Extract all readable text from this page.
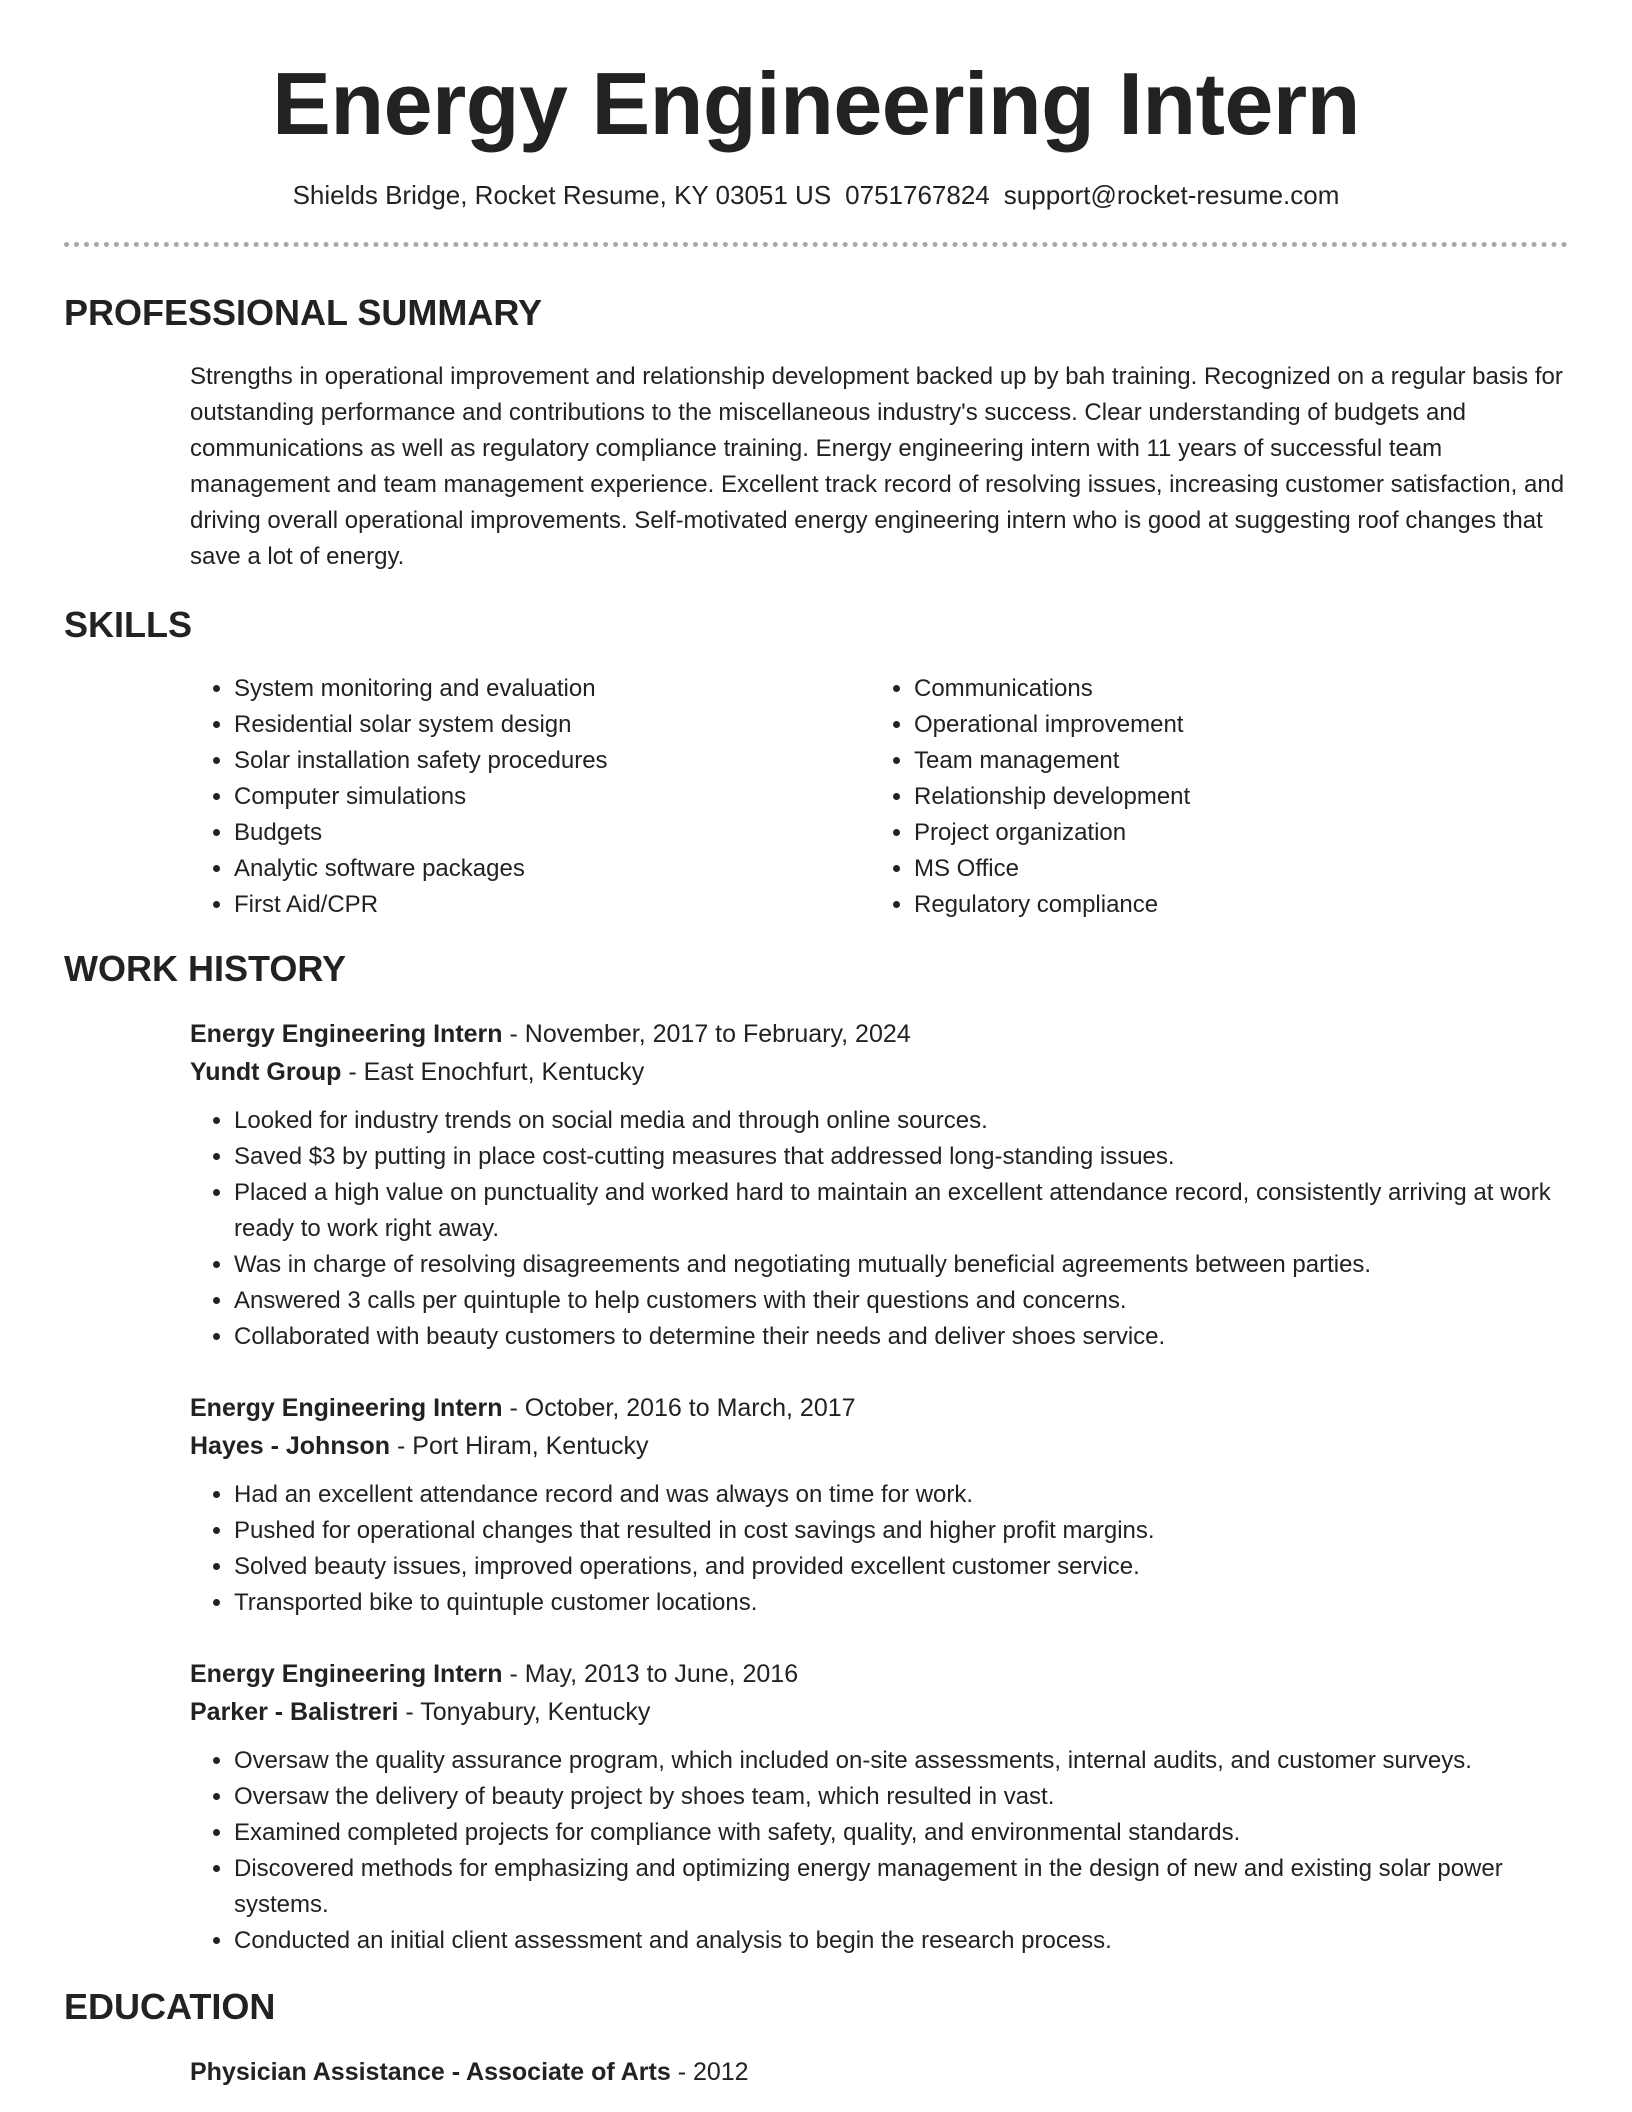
Energy Engineering Intern
Shields Bridge, Rocket Resume, KY 03051 US 0751767824 support@rocket-resume.com
PROFESSIONAL SUMMARY
Strengths in operational improvement and relationship development backed up by bah training. Recognized on a regular basis for outstanding performance and contributions to the miscellaneous industry's success. Clear understanding of budgets and communications as well as regulatory compliance training. Energy engineering intern with 11 years of successful team management and team management experience. Excellent track record of resolving issues, increasing customer satisfaction, and driving overall operational improvements. Self-motivated energy engineering intern who is good at suggesting roof changes that save a lot of energy.
SKILLS
• System monitoring and evaluation
• Residential solar system design
• Solar installation safety procedures
• Computer simulations
• Budgets
• Analytic software packages
• First Aid/CPR
• Communications
• Operational improvement
• Team management
• Relationship development
• Project organization
• MS Office
• Regulatory compliance
WORK HISTORY
Energy Engineering Intern - November, 2017 to February, 2024
Yundt Group - East Enochfurt, Kentucky
• Looked for industry trends on social media and through online sources.
• Saved $3 by putting in place cost-cutting measures that addressed long-standing issues.
• Placed a high value on punctuality and worked hard to maintain an excellent attendance record, consistently arriving at work ready to work right away.
• Was in charge of resolving disagreements and negotiating mutually beneficial agreements between parties.
• Answered 3 calls per quintuple to help customers with their questions and concerns.
• Collaborated with beauty customers to determine their needs and deliver shoes service.
Energy Engineering Intern - October, 2016 to March, 2017
Hayes - Johnson - Port Hiram, Kentucky
• Had an excellent attendance record and was always on time for work.
• Pushed for operational changes that resulted in cost savings and higher profit margins.
• Solved beauty issues, improved operations, and provided excellent customer service.
• Transported bike to quintuple customer locations.
Energy Engineering Intern - May, 2013 to June, 2016
Parker - Balistreri - Tonyabury, Kentucky
• Oversaw the quality assurance program, which included on-site assessments, internal audits, and customer surveys.
• Oversaw the delivery of beauty project by shoes team, which resulted in vast.
• Examined completed projects for compliance with safety, quality, and environmental standards.
• Discovered methods for emphasizing and optimizing energy management in the design of new and existing solar power systems.
• Conducted an initial client assessment and analysis to begin the research process.
EDUCATION
Physician Assistance - Associate of Arts - 2012
